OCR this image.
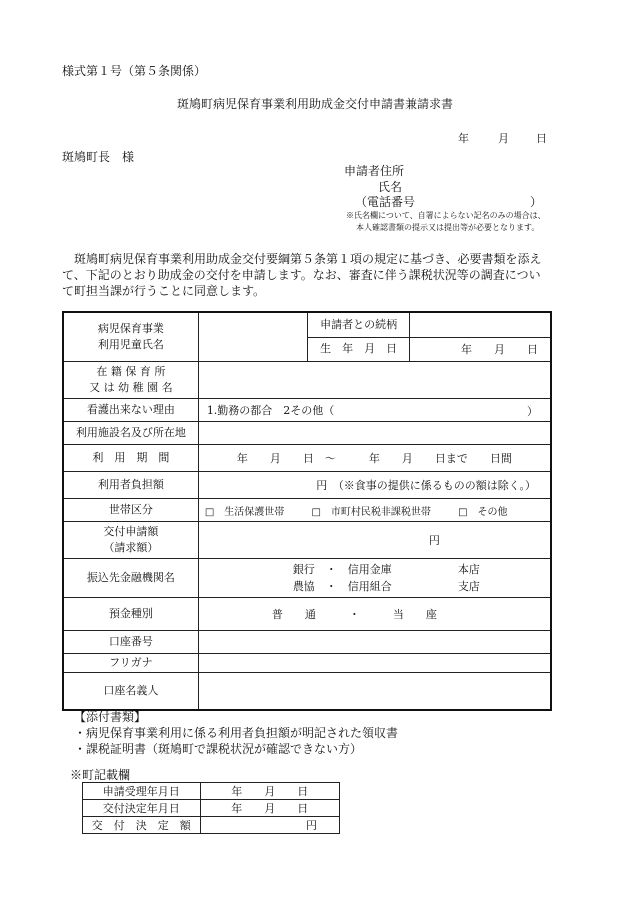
様式第１号（第５条関係）
斑鳩町病児保育事業利用助成金交付申請書兼請求書
年	月 日
斑鳩町長　様
申請者住所
氏名
（電話番号	）
※氏名欄について、自署によらない記名のみの場合は、
本人確認書類の提示又は提出等が必要となります。
斑鳩町病児保育事業利用助成金交付要綱第５条第１項の規定に基づき、必要書類を添え
て、下記のとおり助成金の交付を申請します。なお、審査に伴う課税状況等の調査につい
て町担当課が行うことに同意します。
病児保育事業
利用児童氏名		申請者との続柄	
		生　年　月　日	年　　月　　日

在 籍 保 育 所
又 は 幼 稚 園 名			

看護出来ない理由	1.勤務の都合　2その他（ ）		

利用施設名及び所在地			
利　用　期　間	年　　月　　日　～　　　年　　月　　日まで　　日間		
利用者負担額	円　（※食事の提供に係るものの額は除く。）		
世帯区分	□　生活保護世帯 □　市町村民税非課税世帯 □　その他		

交付申請額
（請求額）	円		
振込先金融機関名	銀行　・　信用金庫 本店
農協　・　信用組合 支店		

預金種別	普　　通　　　・　　　当　　座		
口座番号			
フリガナ			
口座名義人			
【添付書類】
・病児保育事業利用に係る利用者負担額が明記された領収書
・課税証明書（斑鳩町で課税状況が確認できない方）
※町記載欄
申請受理年月日	年　　月　　日
交付決定年月日	年　　月　　日
交　付　決　定　額	円
